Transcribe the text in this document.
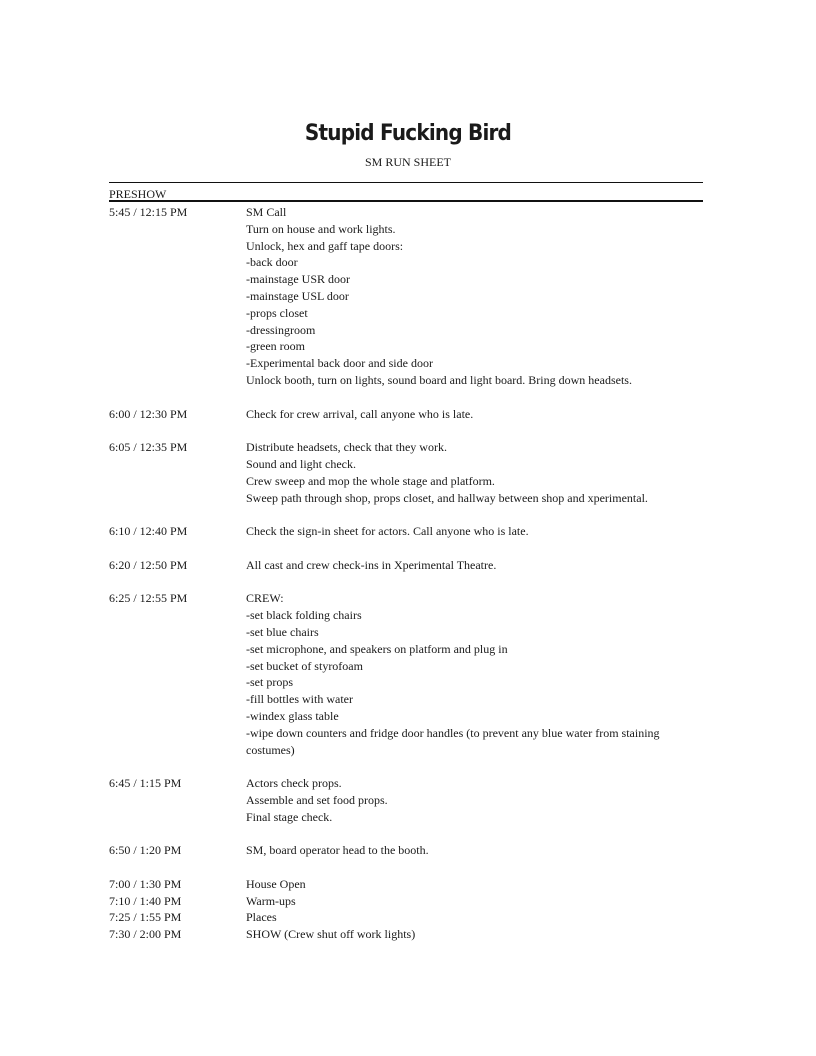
Stupid Fucking Bird
SM RUN SHEET
PRESHOW
5:45 / 12:15 PM	SM Call
Turn on house and work lights.
Unlock, hex and gaff tape doors:
-back door
-mainstage USR door
-mainstage USL door
-props closet
-dressingroom
-green room
-Experimental back door and side door
Unlock booth, turn on lights, sound board and light board. Bring down headsets.
6:00 / 12:30 PM	Check for crew arrival, call anyone who is late.
6:05 / 12:35 PM	Distribute headsets, check that they work.
Sound and light check.
Crew sweep and mop the whole stage and platform.
Sweep path through shop, props closet, and hallway between shop and xperimental.
6:10 / 12:40 PM	Check the sign-in sheet for actors. Call anyone who is late.
6:20 / 12:50 PM	All cast and crew check-ins in Xperimental Theatre.
6:25 / 12:55 PM	CREW:
-set black folding chairs
-set blue chairs
-set microphone, and speakers on platform and plug in
-set bucket of styrofoam
-set props
-fill bottles with water
-windex glass table
-wipe down counters and fridge door handles (to prevent any blue water from staining costumes)
6:45 / 1:15 PM	Actors check props.
Assemble and set food props.
Final stage check.
6:50 / 1:20 PM	SM, board operator head to the booth.
7:00 / 1:30 PM	House Open
7:10 / 1:40 PM	Warm-ups
7:25 / 1:55 PM	Places
7:30 / 2:00 PM	SHOW (Crew shut off work lights)
